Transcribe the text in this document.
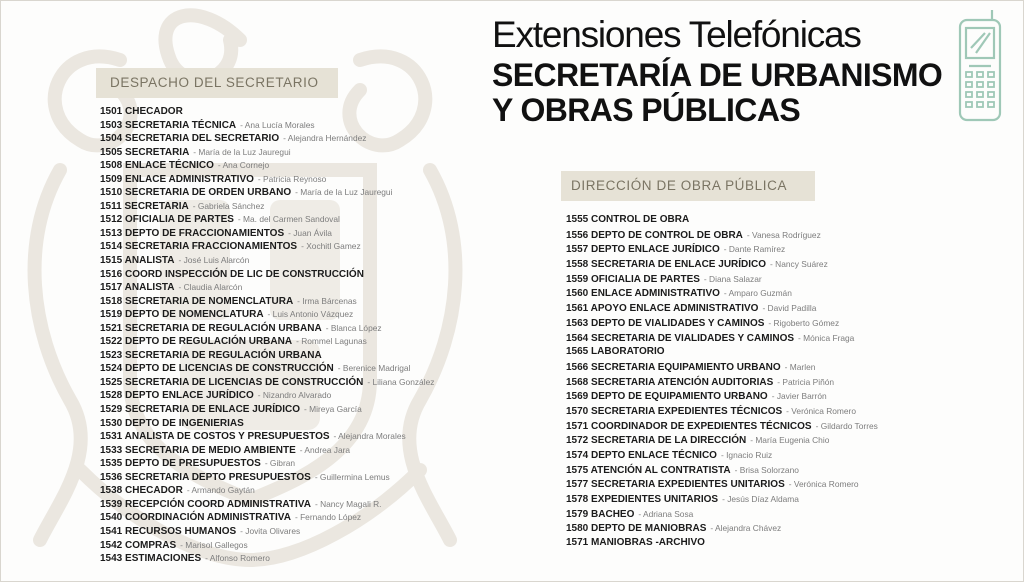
Extensiones Telefónicas
SECRETARÍA DE URBANISMO
Y OBRAS PÚBLICAS
DESPACHO DEL SECRETARIO
1501 CHECADOR
1503 SECRETARIA TÉCNICA - Ana Lucía Morales
1504 SECRETARIA DEL SECRETARIO - Alejandra Hernández
1505 SECRETARIA - María de la Luz Jauregui
1508 ENLACE TÉCNICO - Ana Cornejo
1509 ENLACE ADMINISTRATIVO - Patricia Reynoso
1510 SECRETARIA DE ORDEN URBANO - María de la Luz Jauregui
1511 SECRETARIA - Gabriela Sánchez
1512 OFICIALIA DE PARTES - Ma. del Carmen Sandoval
1513 DEPTO DE FRACCIONAMIENTOS - Juan Ávila
1514 SECRETARIA FRACCIONAMIENTOS - Xochitl Gamez
1515 ANALISTA - José Luis Alarcón
1516 COORD INSPECCIÓN DE LIC DE CONSTRUCCIÓN
1517 ANALISTA - Claudia Alarcón
1518 SECRETARIA DE NOMENCLATURA - Irma Bárcenas
1519 DEPTO DE NOMENCLATURA - Luis Antonio Vázquez
1521 SECRETARIA DE REGULACIÓN URBANA - Blanca López
1522 DEPTO DE REGULACIÓN URBANA - Rommel Lagunas
1523 SECRETARIA DE REGULACIÓN URBANA
1524 DEPTO DE LICENCIAS DE CONSTRUCCIÓN - Berenice Madrigal
1525 SECRETARIA DE LICENCIAS DE CONSTRUCCIÓN - Liliana González
1528 DEPTO ENLACE JURÍDICO - Nizandro Alvarado
1529 SECRETARIA DE ENLACE JURÍDICO - Mireya García
1530 DEPTO DE INGENIERIAS
1531 ANALISTA DE COSTOS Y PRESUPUESTOS - Alejandra Morales
1533 SECRETARIA DE MEDIO AMBIENTE - Andrea Jara
1535 DEPTO DE PRESUPUESTOS - Gibran
1536 SECRETARIA DEPTO PRESUPUESTOS - Guillermina Lemus
1538 CHECADOR - Armando Gaytán
1539 RECEPCIÓN COORD ADMINISTRATIVA - Nancy Magali R.
1540 COORDINACIÓN ADMINISTRATIVA - Fernando López
1541 RECURSOS HUMANOS - Jovita Olivares
1542 COMPRAS - Marisol Gallegos
1543 ESTIMACIONES - Alfonso Romero
DIRECCIÓN DE OBRA PÚBLICA
1555 CONTROL DE OBRA
1556 DEPTO DE CONTROL DE OBRA - Vanesa Rodríguez
1557 DEPTO ENLACE JURÍDICO - Dante Ramírez
1558 SECRETARIA DE ENLACE JURÍDICO - Nancy Suárez
1559 OFICIALIA DE PARTES - Diana Salazar
1560 ENLACE ADMINISTRATIVO - Amparo Guzmán
1561 APOYO ENLACE ADMINISTRATIVO - David Padilla
1563 DEPTO DE VIALIDADES Y CAMINOS - Rigoberto Gómez
1564 SECRETARIA DE VIALIDADES Y CAMINOS - Mónica Fraga
1565 LABORATORIO
1566 SECRETARIA EQUIPAMIENTO URBANO - Marlen
1568 SECRETARIA ATENCIÓN AUDITORIAS - Patricia Piñón
1569 DEPTO DE EQUIPAMIENTO URBANO - Javier Barrón
1570 SECRETARIA EXPEDIENTES TÉCNICOS - Verónica Romero
1571 COORDINADOR DE EXPEDIENTES TÉCNICOS - Gildardo Torres
1572 SECRETARIA DE LA DIRECCIÓN - María Eugenia Chio
1574 DEPTO ENLACE TÉCNICO - Ignacio Ruiz
1575 ATENCIÓN AL CONTRATISTA - Brisa Solorzano
1577 SECRETARIA EXPEDIENTES UNITARIOS - Verónica Romero
1578 EXPEDIENTES UNITARIOS - Jesús Díaz Aldama
1579 BACHEO - Adriana Sosa
1580 DEPTO DE MANIOBRAS - Alejandra Chávez
1571 MANIOBRAS -ARCHIVO
